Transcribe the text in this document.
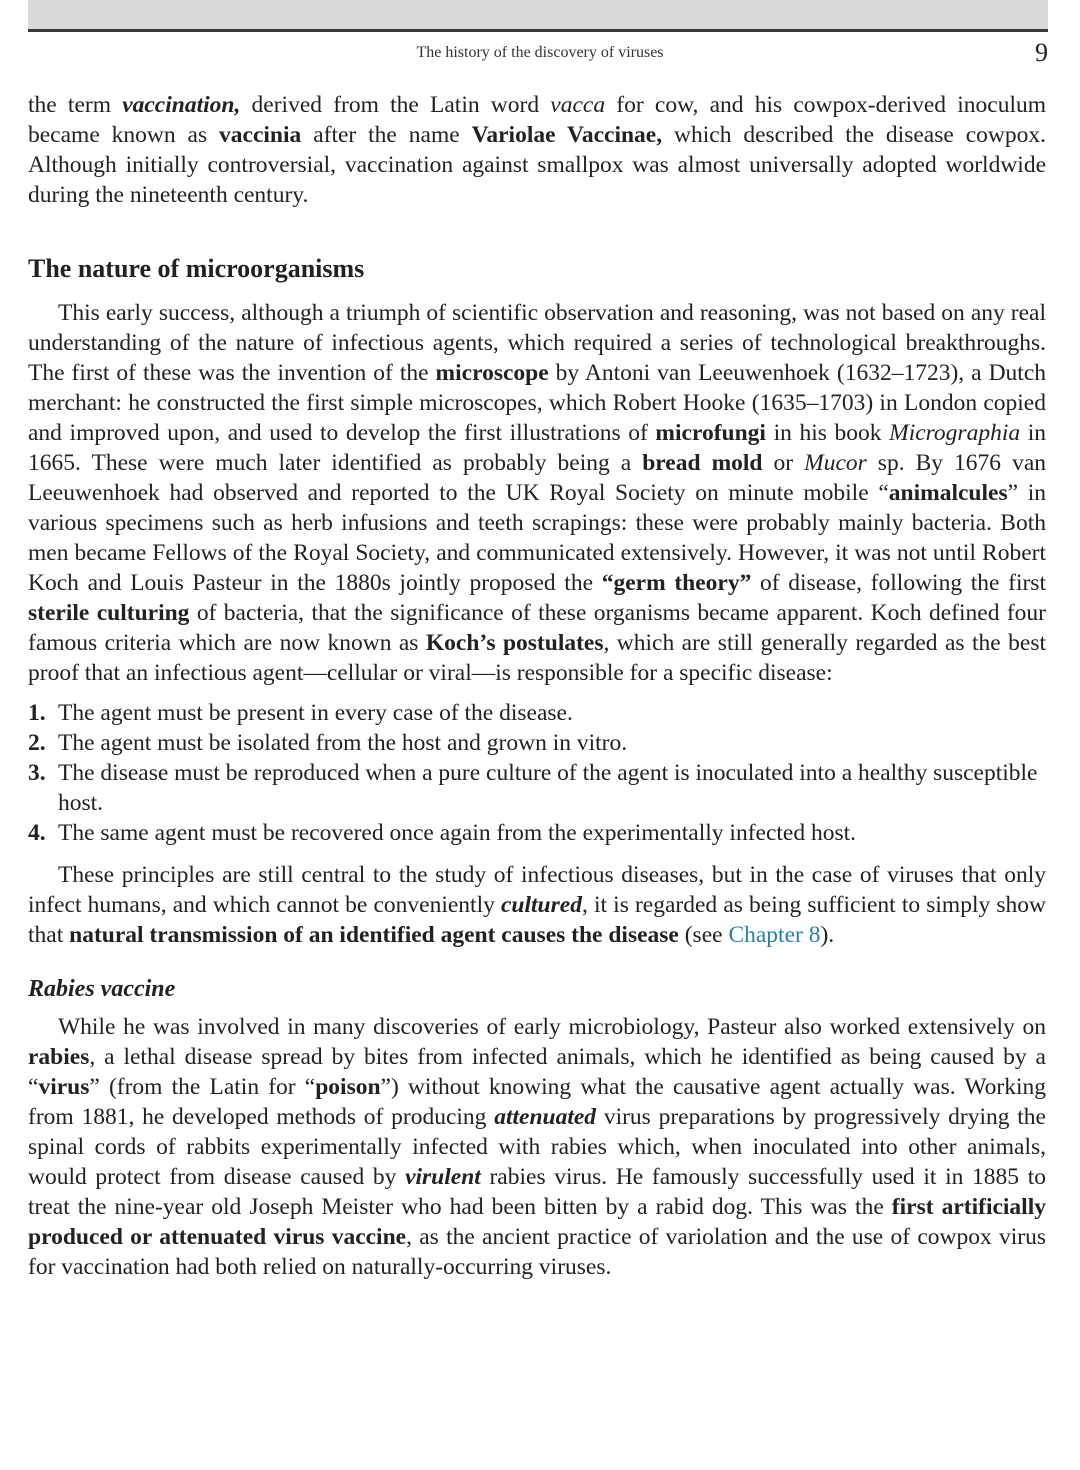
The history of the discovery of viruses	9

the term vaccination, derived from the Latin word vacca for cow, and his cowpox-derived inoculum became known as vaccinia after the name Variolae Vaccinae, which described the disease cowpox. Although initially controversial, vaccination against smallpox was almost universally adopted worldwide during the nineteenth century.

The nature of microorganisms

This early success, although a triumph of scientific observation and reasoning, was not based on any real understanding of the nature of infectious agents, which required a series of technological breakthroughs. The first of these was the invention of the microscope by Antoni van Leeuwenhoek (1632–1723), a Dutch merchant: he constructed the first simple microscopes, which Robert Hooke (1635–1703) in London copied and improved upon, and used to develop the first illustrations of microfungi in his book Micrographia in 1665. These were much later identified as probably being a bread mold or Mucor sp. By 1676 van Leeuwenhoek had observed and reported to the UK Royal Society on minute mobile “animalcules” in various specimens such as herb infusions and teeth scrapings: these were probably mainly bacteria. Both men became Fellows of the Royal Society, and communicated extensively. However, it was not until Robert Koch and Louis Pasteur in the 1880s jointly proposed the “germ theory” of disease, following the first sterile culturing of bacteria, that the significance of these organisms became apparent. Koch defined four famous criteria which are now known as Koch’s postulates, which are still generally regarded as the best proof that an infectious agent—cellular or viral—is responsible for a specific disease:

1. The agent must be present in every case of the disease.
2. The agent must be isolated from the host and grown in vitro.
3. The disease must be reproduced when a pure culture of the agent is inoculated into a healthy susceptible host.
4. The same agent must be recovered once again from the experimentally infected host.

These principles are still central to the study of infectious diseases, but in the case of viruses that only infect humans, and which cannot be conveniently cultured, it is regarded as being sufficient to simply show that natural transmission of an identified agent causes the disease (see Chapter 8).

Rabies vaccine

While he was involved in many discoveries of early microbiology, Pasteur also worked extensively on rabies, a lethal disease spread by bites from infected animals, which he identified as being caused by a “virus” (from the Latin for “poison”) without knowing what the causative agent actually was. Working from 1881, he developed methods of producing attenuated virus preparations by progressively drying the spinal cords of rabbits experimentally infected with rabies which, when inoculated into other animals, would protect from disease caused by virulent rabies virus. He famously successfully used it in 1885 to treat the nine-year old Joseph Meister who had been bitten by a rabid dog. This was the first artificially produced or attenuated virus vaccine, as the ancient practice of variolation and the use of cowpox virus for vaccination had both relied on naturally-occurring viruses.
